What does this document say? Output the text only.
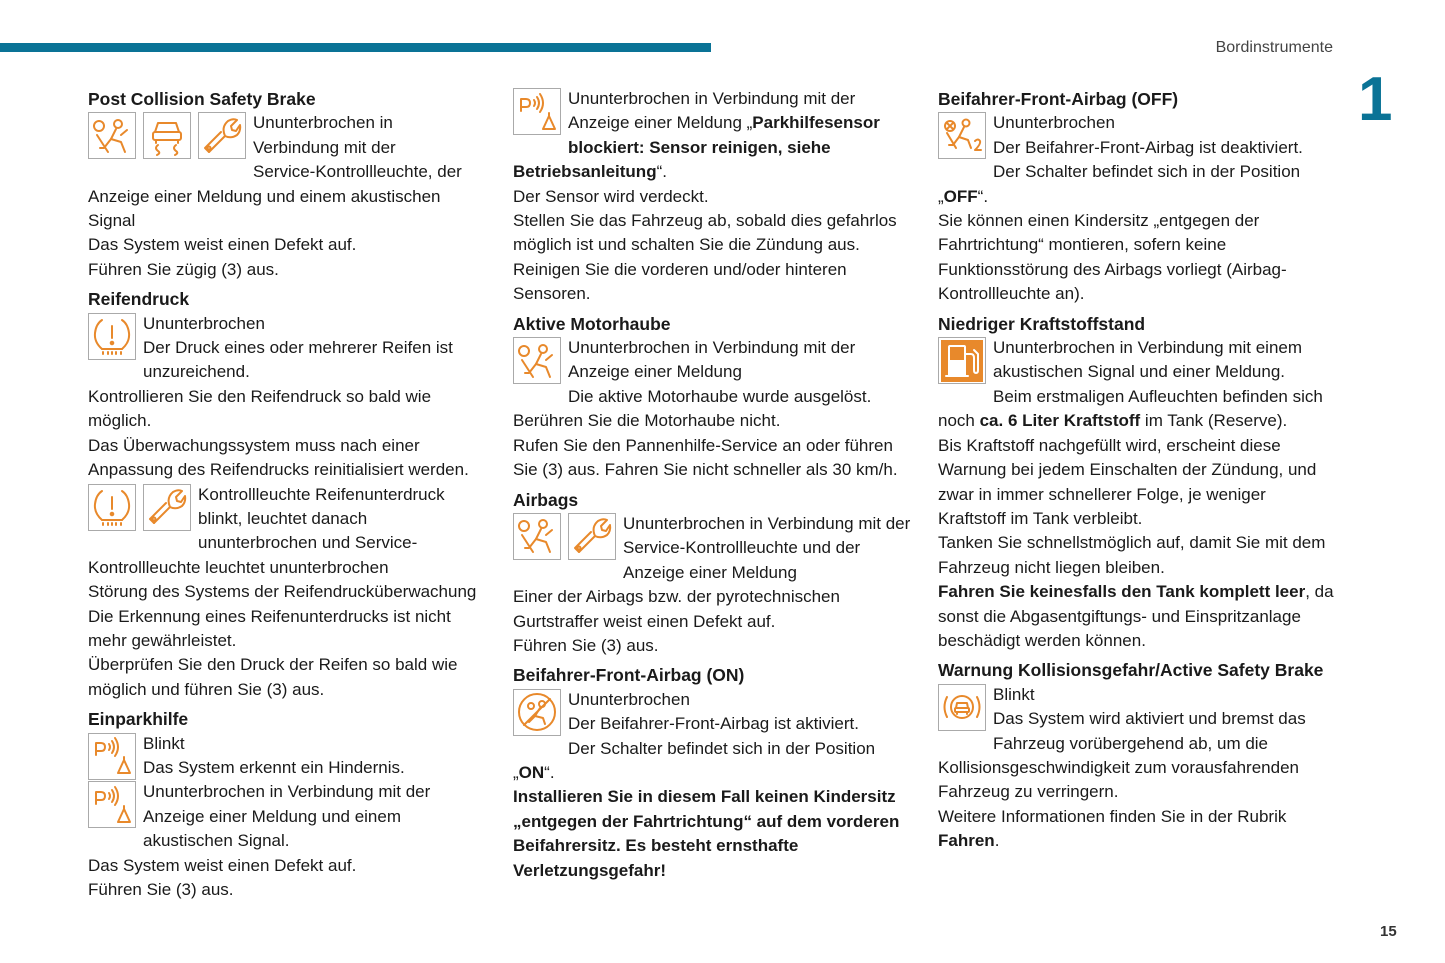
Bordinstrumente
1
15
Post Collision Safety Brake

Ununterbrochen in

Verbindung mit der

Service-Kontrollleuchte, der Anzeige einer Meldung und einem akustischen Signal

Das System weist einen Defekt auf.

Führen Sie zügig (3) aus.

Reifendruck

Ununterbrochen

Der Druck eines oder mehrerer Reifen ist unzureichend.

Kontrollieren Sie den Reifendruck so bald wie möglich.

Das Überwachungssystem muss nach einer Anpassung des Reifendrucks reinitialisiert werden.

Kontrollleuchte Reifenunterdruck blinkt, leuchtet danach ununterbrochen und Service-Kontrollleuchte leuchtet ununterbrochen

Störung des Systems der Reifendrucküberwachung

Die Erkennung eines Reifenunterdrucks ist nicht mehr gewährleistet.

Überprüfen Sie den Druck der Reifen so bald wie möglich und führen Sie (3) aus.

Einparkhilfe

Blinkt

Das System erkennt ein Hindernis.

Ununterbrochen in Verbindung mit der Anzeige einer Meldung und einem akustischen Signal.

Das System weist einen Defekt auf.

Führen Sie (3) aus.

Ununterbrochen in Verbindung mit der Anzeige einer Meldung „Parkhilfesensor blockiert: Sensor reinigen, siehe Betriebsanleitung“.

Der Sensor wird verdeckt.

Stellen Sie das Fahrzeug ab, sobald dies gefahrlos möglich ist und schalten Sie die Zündung aus.

Reinigen Sie die vorderen und/oder hinteren Sensoren.

Aktive Motorhaube

Ununterbrochen in Verbindung mit der Anzeige einer Meldung

Die aktive Motorhaube wurde ausgelöst.

Berühren Sie die Motorhaube nicht.

Rufen Sie den Pannenhilfe-Service an oder führen Sie (3) aus. Fahren Sie nicht schneller als 30 km/h.

Airbags

Ununterbrochen in Verbindung mit der Service-Kontrollleuchte und der Anzeige einer Meldung

Einer der Airbags bzw. der pyrotechnischen Gurtstraffer weist einen Defekt auf.

Führen Sie (3) aus.

Beifahrer-Front-Airbag (ON)

Ununterbrochen

Der Beifahrer-Front-Airbag ist aktiviert.

Der Schalter befindet sich in der Position „ON“.

Installieren Sie in diesem Fall keinen Kindersitz „entgegen der Fahrtrichtung“ auf dem vorderen Beifahrersitz. Es besteht ernsthafte Verletzungsgefahr!

Beifahrer-Front-Airbag (OFF)

Ununterbrochen

Der Beifahrer-Front-Airbag ist deaktiviert.

Der Schalter befindet sich in der Position „OFF“.

Sie können einen Kindersitz „entgegen der Fahrtrichtung“ montieren, sofern keine Funktionsstörung des Airbags vorliegt (Airbag-Kontrollleuchte an).

Niedriger Kraftstoffstand

Ununterbrochen in Verbindung mit einem akustischen Signal und einer Meldung.

Beim erstmaligen Aufleuchten befinden sich noch ca. 6 Liter Kraftstoff im Tank (Reserve).

Bis Kraftstoff nachgefüllt wird, erscheint diese Warnung bei jedem Einschalten der Zündung, und zwar in immer schnellerer Folge, je weniger Kraftstoff im Tank verbleibt.

Tanken Sie schnellstmöglich auf, damit Sie mit dem Fahrzeug nicht liegen bleiben.

Fahren Sie keinesfalls den Tank komplett leer, da sonst die Abgasentgiftungs- und Einspritzanlage beschädigt werden können.

Warnung Kollisionsgefahr/Active Safety Brake

Blinkt

Das System wird aktiviert und bremst das Fahrzeug vorübergehend ab, um die Kollisionsgeschwindigkeit zum vorausfahrenden Fahrzeug zu verringern.

Weitere Informationen finden Sie in der Rubrik Fahren.
